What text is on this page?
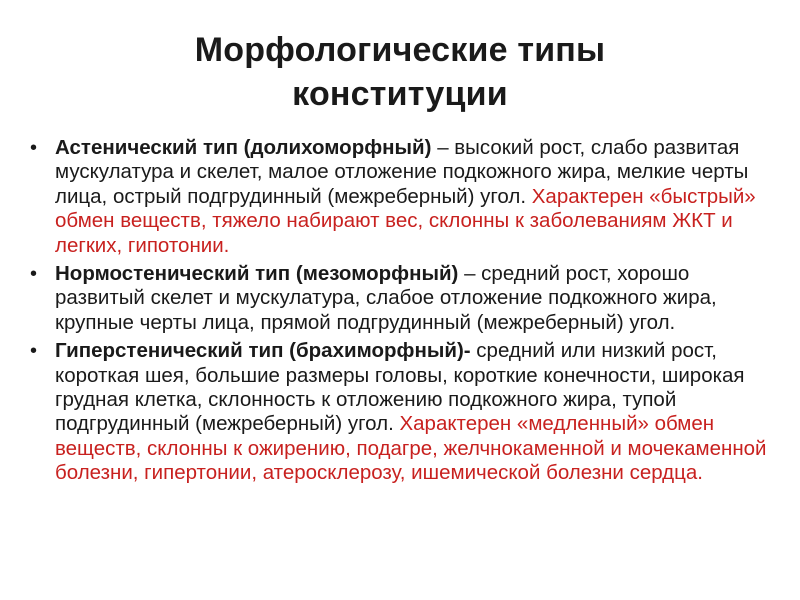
Морфологические типы
конституции
• Астенический тип (долихоморфный) – высокий рост, слабо развитая мускулатура и скелет, малое отложение подкожного жира, мелкие черты лица, острый подгрудинный (межреберный) угол. Характерен «быстрый» обмен веществ, тяжело набирают вес, склонны к заболеваниям ЖКТ и легких, гипотонии.
• Нормостенический тип (мезоморфный) – средний рост, хорошо развитый скелет и мускулатура, слабое отложение подкожного жира, крупные черты лица, прямой подгрудинный (межреберный) угол.
• Гиперстенический тип (брахиморфный)- средний или низкий рост, короткая шея, большие размеры головы, короткие конечности, широкая грудная клетка, склонность к отложению подкожного жира, тупой подгрудинный (межреберный) угол. Характерен «медленный» обмен веществ, склонны к ожирению, подагре, желчнокаменной и мочекаменной болезни, гипертонии, атеросклерозу, ишемической болезни сердца.
